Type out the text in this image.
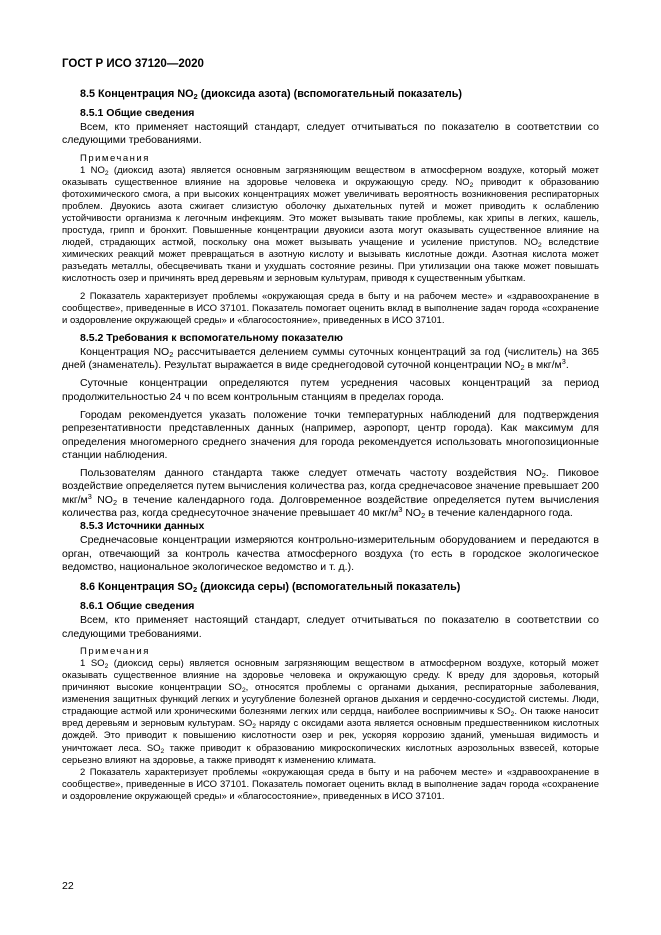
ГОСТ Р ИСО 37120—2020
8.5 Концентрация $NO_2$ (диоксида азота) (вспомогательный показатель)
8.5.1 Общие сведения

Всем, кто применяет настоящий стандарт, следует отчитываться по показателю в соответствии со следующими требованиями.

Примечания

1 $NO_2$ (диоксид азота) является основным загрязняющим веществом в атмосферном воздухе, который может оказывать существенное влияние на здоровье человека и окружающую среду. $NO_2$ приводит к образованию фотохимического смога, а при высоких концентрациях может увеличивать вероятность возникновения респираторных проблем. Двуокись азота сжигает слизистую оболочку дыхательных путей и может приводить к ослаблению устойчивости организма к легочным инфекциям. Это может вызывать такие проблемы, как хрипы в легких, кашель, простуда, грипп и бронхит. Повышенные концентрации двуокиси азота могут оказывать существенное влияние на людей, страдающих астмой, поскольку она может вызывать учащение и усиление приступов. $NO_2$ вследствие химических реакций может превращаться в азотную кислоту и вызывать кислотные дожди. Азотная кислота может разъедать металлы, обесцвечивать ткани и ухудшать состояние резины. При утилизации она также может повышать кислотность озер и причинять вред деревьям и зерновым культурам, приводя к существенным убыткам.

2 Показатель характеризует проблемы «окружающая среда в быту и на рабочем месте» и «здравоохранение в сообществе», приведенные в ИСО 37101. Показатель помогает оценить вклад в выполнение задач города «сохранение и оздоровление окружающей среды» и «благосостояние», приведенных в ИСО 37101.

8.5.2 Требования к вспомогательному показателю

Концентрация $NO_2$ рассчитывается делением суммы суточных концентраций за год (числитель) на 365 дней (знаменатель). Результат выражается в виде среднегодовой суточной концентрации $NO_2$ в мкг/$м^3$.

Суточные концентрации определяются путем усреднения часовых концентраций за период продолжительностью 24 ч по всем контрольным станциям в пределах города.

Городам рекомендуется указать положение точки температурных наблюдений для подтверждения репрезентативности представленных данных (например, аэропорт, центр города). Как максимум для определения многомерного среднего значения для города рекомендуется использовать многопозиционные станции наблюдения.

Пользователям данного стандарта также следует отмечать частоту воздействия $NO_2$. Пиковое воздействие определяется путем вычисления количества раз, когда среднечасовое значение превышает 200 мкг/$м^3$ $NO_2$ в течение календарного года. Долговременное воздействие определяется путем вычисления количества раз, когда среднесуточное значение превышает 40 мкг/$м^3$ $NO_2$ в течение календарного года.

8.5.3 Источники данных

Среднечасовые концентрации измеряются контрольно-измерительным оборудованием и передаются в орган, отвечающий за контроль качества атмосферного воздуха (то есть в городское экологическое ведомство, национальное экологическое ведомство и т. д.).

8.6 Концентрация $SO_2$ (диоксида серы) (вспомогательный показатель)
8.6.1 Общие сведения

Всем, кто применяет настоящий стандарт, следует отчитываться по показателю в соответствии со следующими требованиями.

Примечания

1 $SO_2$ (диоксид серы) является основным загрязняющим веществом в атмосферном воздухе, который может оказывать существенное влияние на здоровье человека и окружающую среду. К вреду для здоровья, который причиняют высокие концентрации $SO_2$, относятся проблемы с органами дыхания, респираторные заболевания, изменения защитных функций легких и усугубление болезней органов дыхания и сердечно-сосудистой системы. Люди, страдающие астмой или хроническими болезнями легких или сердца, наиболее восприимчивы к $SO_2$. Он также наносит вред деревьям и зерновым культурам. $SO_2$ наряду с оксидами азота является основным предшественником кислотных дождей. Это приводит к повышению кислотности озер и рек, ускоряя коррозию зданий, уменьшая видимость и уничтожает леса. $SO_2$ также приводит к образованию микроскопических кислотных аэрозольных взвесей, которые серьезно влияют на здоровье, а также приводят к изменению климата.

2 Показатель характеризует проблемы «окружающая среда в быту и на рабочем месте» и «здравоохранение в сообществе», приведенные в ИСО 37101. Показатель помогает оценить вклад в выполнение задач города «сохранение и оздоровление окружающей среды» и «благосостояние», приведенных в ИСО 37101.

22
